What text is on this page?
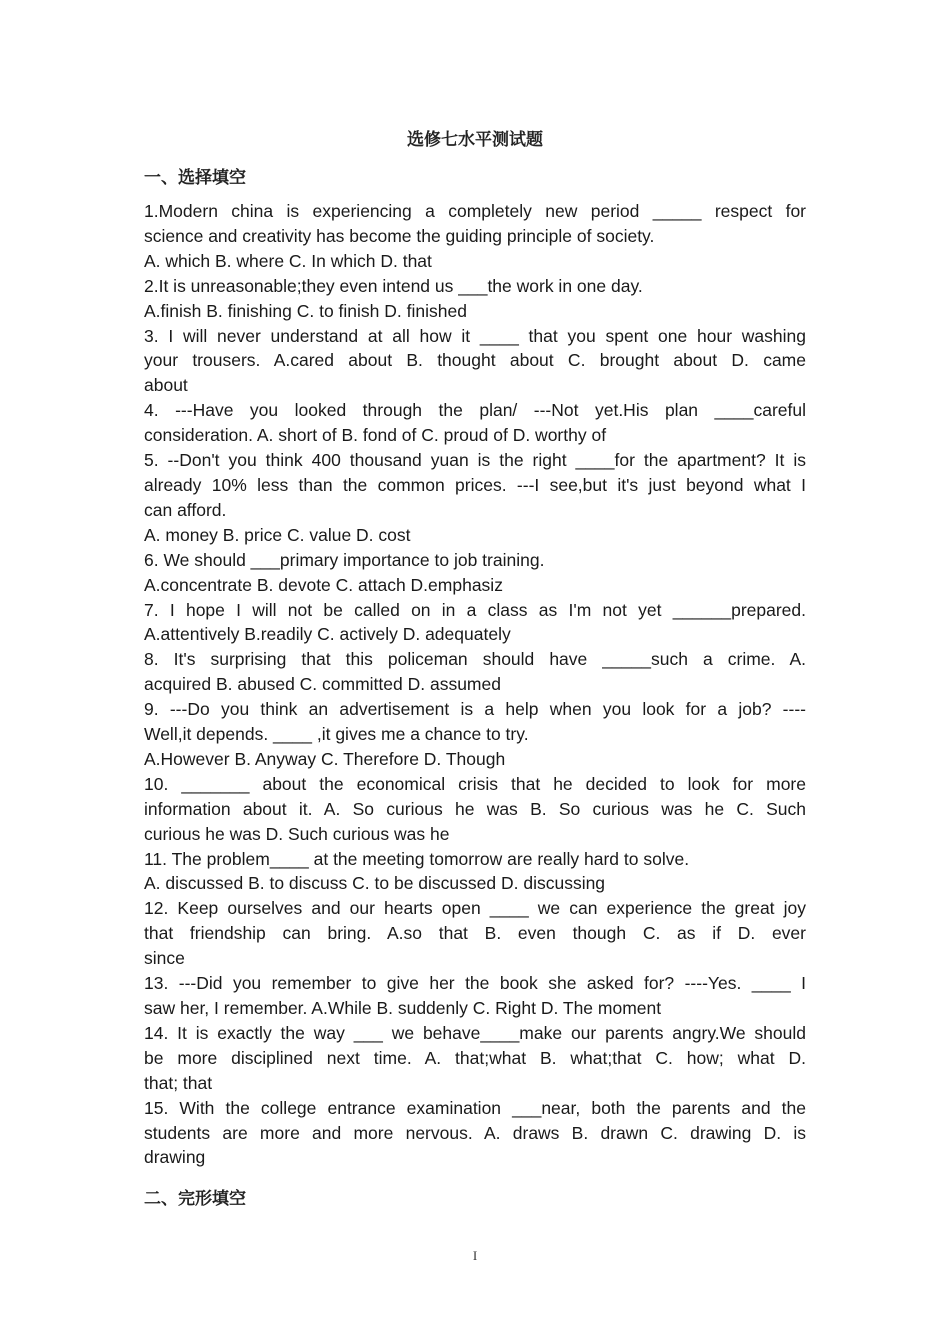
选修七水平测试题
一、选择填空

1.Modern china is experiencing a completely new period _____ respect for
science and creativity has become the guiding principle of society.

A. which B. where C. In which D. that

2.It is unreasonable;they even intend us ___the work in one day.

A.finish B. finishing C. to finish D. finished

3. I will never understand at all how it ____ that you spent one hour washing
your trousers. A.cared about B. thought about C. brought about D. came
about

4. ---Have you looked through the plan/ ---Not yet.His plan ____careful
consideration. A. short of B. fond of C. proud of D. worthy of

5. --Don't you think 400 thousand yuan is the right ____for the apartment? It is
already 10% less than the common prices. ---I see,but it's just beyond what I
can afford.

A. money B. price C. value D. cost

6. We should ___primary importance to job training.

A.concentrate B. devote C. attach D.emphasiz

7. I hope I will not be called on in a class as I'm not yet ______prepared.
A.attentively B.readily C. actively D. adequately

8. It's surprising that this policeman should have _____such a crime. A.
acquired B. abused C. committed D. assumed

9. ---Do you think an advertisement is a help when you look for a job? ----
Well,it depends. ____ ,it gives me a chance to try.

A.However B. Anyway C. Therefore D. Though

10. _______ about the economical crisis that he decided to look for more
information about it. A. So curious he was B. So curious was he C. Such
curious he was D. Such curious was he

11. The problem____ at the meeting tomorrow are really hard to solve.

A. discussed B. to discuss C. to be discussed D. discussing

12. Keep ourselves and our hearts open ____ we can experience the great joy
that friendship can bring. A.so that B. even though C. as if D. ever
since

13. ---Did you remember to give her the book she asked for? ----Yes. ____ I
saw her, I remember. A.While B. suddenly C. Right D. The moment

14. It is exactly the way ___ we behave____make our parents angry.We should
be more disciplined next time. A. that;what B. what;that C. how; what D.
that; that

15. With the college entrance examination ___near, both the parents and the
students are more and more nervous. A. draws B. drawn C. drawing D. is
drawing

二、完形填空
I
